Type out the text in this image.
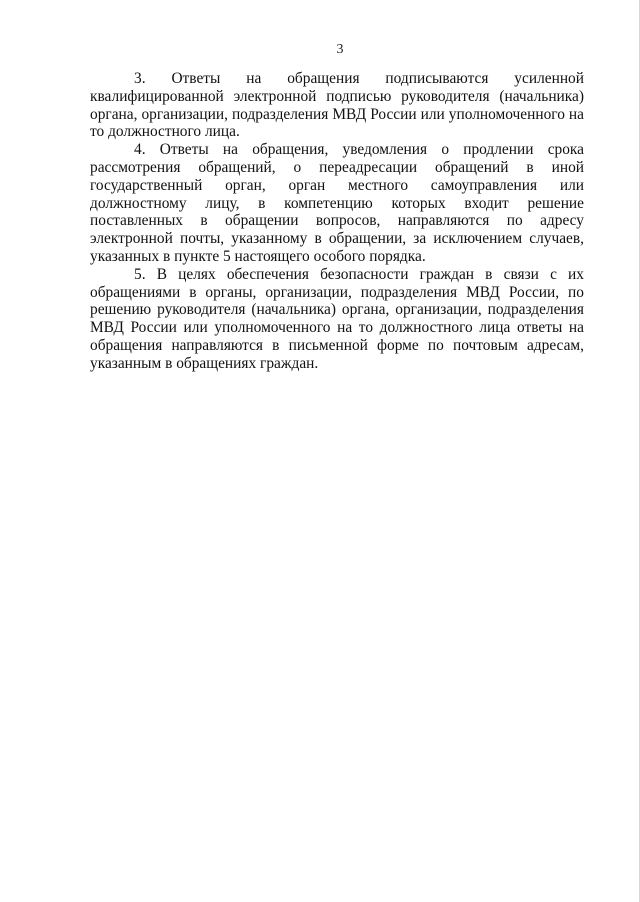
3

3. Ответы на обращения подписываются усиленной квалифицированной электронной подписью руководителя (начальника) органа, организации, подразделения МВД России или уполномоченного на то должностного лица.

4. Ответы на обращения, уведомления о продлении срока рассмотрения обращений, о переадресации обращений в иной государственный орган, орган местного самоуправления или должностному лицу, в компетенцию которых входит решение поставленных в обращении вопросов, направляются по адресу электронной почты, указанному в обращении, за исключением случаев, указанных в пункте 5 настоящего особого порядка.

5. В целях обеспечения безопасности граждан в связи с их обращениями в органы, организации, подразделения МВД России, по решению руководителя (начальника) органа, организации, подразделения МВД России или уполномоченного на то должностного лица ответы на обращения направляются в письменной форме по почтовым адресам, указанным в обращениях граждан.
